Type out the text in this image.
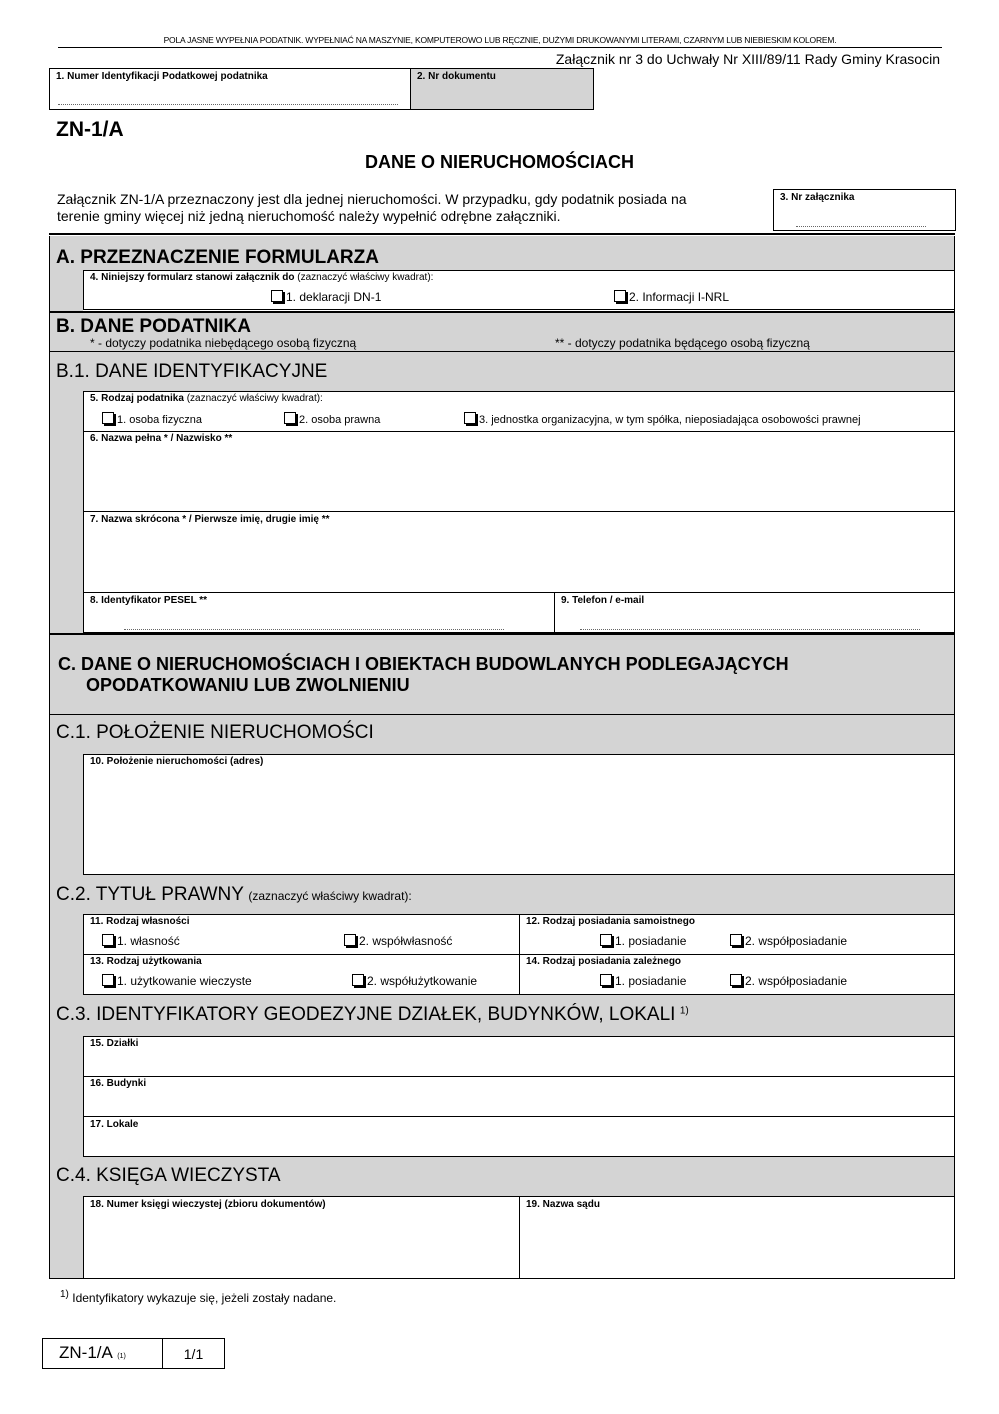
POLA JASNE WYPEŁNIA PODATNIK. WYPEŁNIAĆ NA MASZYNIE, KOMPUTEROWO LUB RĘCZNIE, DUŻYMI DRUKOWANYMI LITERAMI, CZARNYM LUB NIEBIESKIM KOLOREM.
Załącznik nr 3 do Uchwały Nr XIII/89/11 Rady Gminy Krasocin
1. Numer Identyfikacji Podatkowej podatnika	2. Nr dokumentu
ZN-1/A
DANE O NIERUCHOMOŚCIACH
Załącznik ZN-1/A przeznaczony jest dla jednej nieruchomości. W przypadku, gdy podatnik posiada na
terenie gminy więcej niż jedną nieruchomość należy wypełnić odrębne załączniki.
3. Nr załącznika
A. PRZEZNACZENIE FORMULARZA
4. Niniejszy formularz stanowi załącznik do (zaznaczyć właściwy kwadrat):
1. deklaracji DN-1	2. Informacji I-NRL
B. DANE PODATNIKA
* - dotyczy podatnika niebędącego osobą fizyczną	** - dotyczy podatnika będącego osobą fizyczną
B.1. DANE IDENTYFIKACYJNE
5. Rodzaj podatnika (zaznaczyć właściwy kwadrat):
1. osoba fizyczna	2. osoba prawna	3. jednostka organizacyjna, w tym spółka, nieposiadająca osobowości prawnej
6. Nazwa pełna * / Nazwisko **
7. Nazwa skrócona * / Pierwsze imię, drugie imię **
8. Identyfikator PESEL **	9. Telefon / e-mail
C. DANE O NIERUCHOMOŚCIACH I OBIEKTACH BUDOWLANYCH PODLEGAJĄCYCH
OPODATKOWANIU LUB ZWOLNIENIU
C.1. POŁOŻENIE NIERUCHOMOŚCI
10. Położenie nieruchomości (adres)
C.2. TYTUŁ PRAWNY (zaznaczyć właściwy kwadrat):
11. Rodzaj własności
1. własność	2. współwłasność
12. Rodzaj posiadania samoistnego
1. posiadanie	2. współposiadanie
13. Rodzaj użytkowania
1. użytkowanie wieczyste	2. współużytkowanie
14. Rodzaj posiadania zależnego
1. posiadanie	2. współposiadanie
C.3. IDENTYFIKATORY GEODEZYJNE DZIAŁEK, BUDYNKÓW, LOKALI $^{1)}$
15. Działki
16. Budynki
17. Lokale
C.4. KSIĘGA WIECZYSTA
18. Numer księgi wieczystej (zbioru dokumentów)	19. Nazwa sądu
$^{1)}$ Identyfikatory wykazuje się, jeżeli zostały nadane.
ZN-1/A (1)	1/1
